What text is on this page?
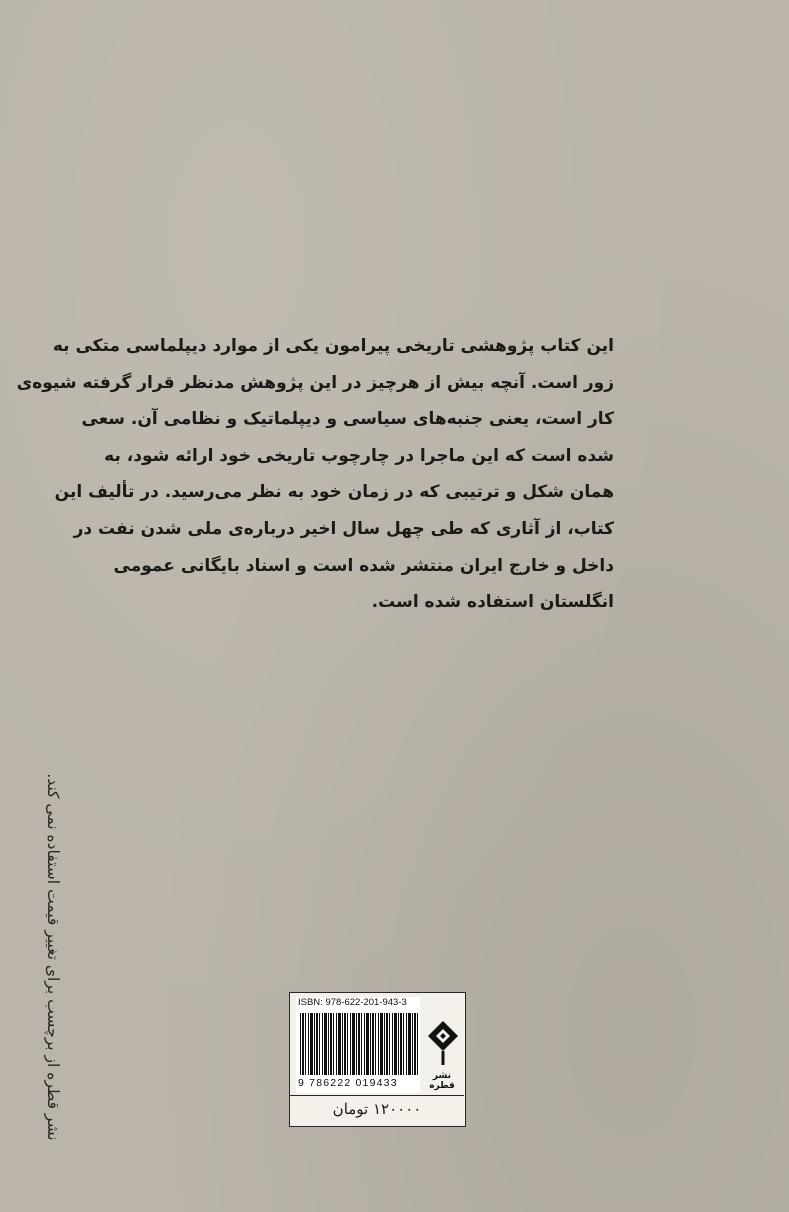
این کتاب پژوهشی تاریخی پیرامون یکی از موارد دیپلماسی متکی به
زور است. آنچه بیش از هرچیز در این پژوهش مدنظر قرار گرفته شیوه‌ی
کار است، یعنی جنبه‌های سیاسی و دیپلماتیک و نظامی آن. سعی
شده است که این ماجرا در چارچوب تاریخی خود ارائه شود، به
همان شکل و ترتیبی که در زمان خود به نظر می‌رسید. در تألیف این
کتاب، از آثاری که طی چهل سال اخیر درباره‌ی ملی شدن نفت در
داخل و خارج ایران منتشر شده است و اسناد بایگانی عمومی
انگلستان استفاده شده است.
نشر قطره از برچسب برای تغییر قیمت استفاده نمی کند.	ISBN: 978-622-201-943-3
9 786222 019433
نشر قطره
۱۲۰۰۰۰ تومان
